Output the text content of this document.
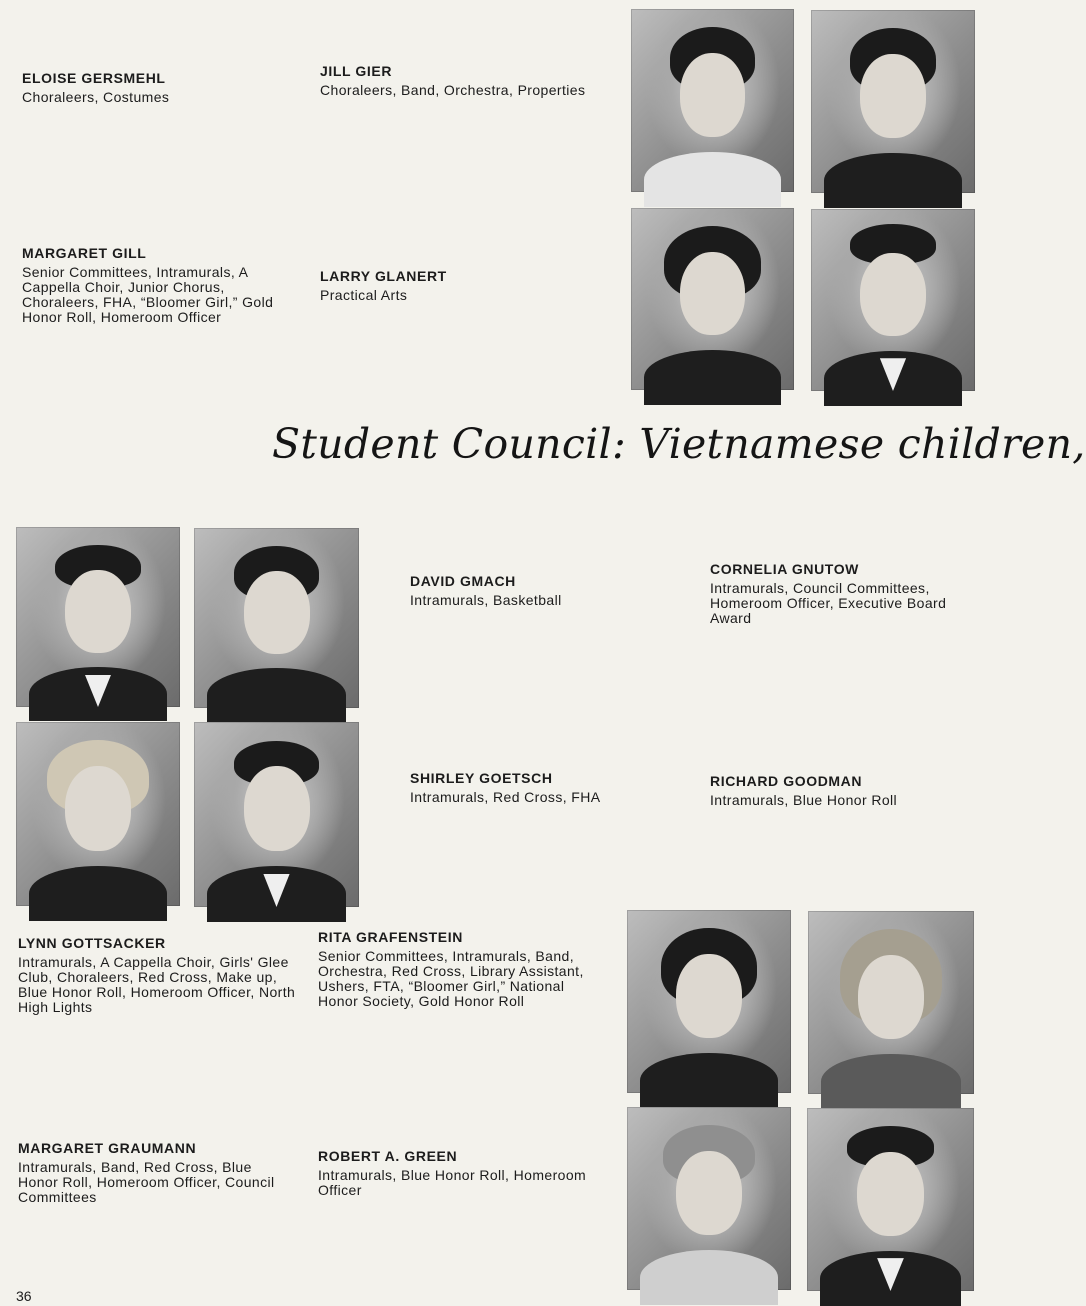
ELOISE GERSMEHL
Choraleers, Costumes
JILL GIER
Choraleers, Band, Orchestra, Properties
MARGARET GILL
Senior Committees, Intramurals, A Cappella Choir, Junior Chorus, Choraleers, FHA, “Bloomer Girl,” Gold Honor Roll, Homeroom Officer
LARRY GLANERT
Practical Arts
DAVID GMACH
Intramurals, Basketball
CORNELIA GNUTOW
Intramurals, Council Committees, Homeroom Officer, Executive Board Award
SHIRLEY GOETSCH
Intramurals, Red Cross, FHA
RICHARD GOODMAN
Intramurals, Blue Honor Roll
LYNN GOTTSACKER
Intramurals, A Cappella Choir, Girls' Glee Club, Choraleers, Red Cross, Make up, Blue Honor Roll, Homeroom Officer, North High Lights
RITA GRAFENSTEIN
Senior Committees, Intramurals, Band, Orchestra, Red Cross, Library Assistant, Ushers, FTA, “Bloomer Girl,” National Honor Society, Gold Honor Roll
MARGARET GRAUMANN
Intramurals, Band, Red Cross, Blue Honor Roll, Homeroom Officer, Council Committees
ROBERT A. GREEN
Intramurals, Blue Honor Roll, Homeroom Officer
Student Council: Vietnamese children,
36
